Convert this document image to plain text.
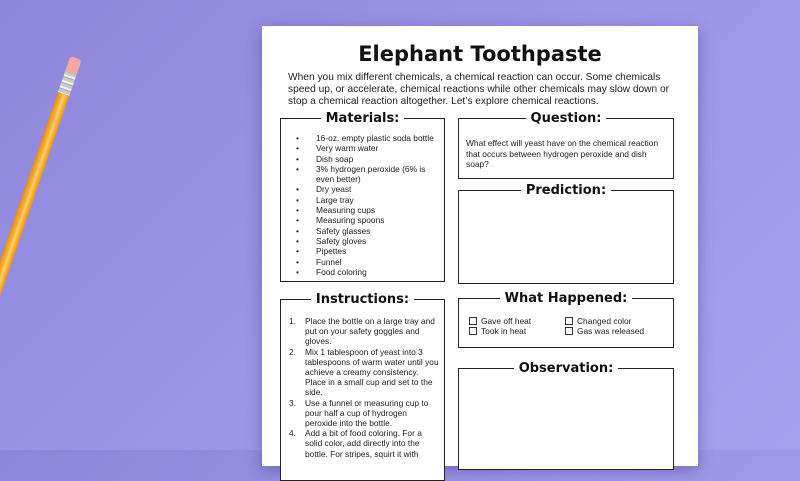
Elephant Toothpaste
When you mix different chemicals, a chemical reaction can occur. Some chemicals speed up, or accelerate, chemical reactions while other chemicals may slow down or stop a chemical reaction altogether. Let’s explore chemical reactions.
Materials:
• 16-oz. empty plastic soda bottle
• Very warm water
• Dish soap
• 3% hydrogen peroxide (6% is even better)
• Dry yeast
• Large tray
• Measuring cups
• Measuring spoons
• Safety glasses
• Safety gloves
• Pipettes
• Funnel
• Food coloring
Question:
What effect will yeast have on the chemical reaction that occurs between hydrogen peroxide and dish soap?
Prediction:
Instructions:
1. Place the bottle on a large tray and put on your safety goggles and gloves.
2. Mix 1 tablespoon of yeast into 3 tablespoons of warm water until you achieve a creamy consistency. Place in a small cup and set to the side.
3. Use a funnel or measuring cup to pour half a cup of hydrogen peroxide into the bottle.
4. Add a bit of food coloring. For a solid color, add directly into the bottle. For stripes, squirt it with
What Happened:
Gave off heat	Changed color
Took in heat	Gas was released
Observation:
